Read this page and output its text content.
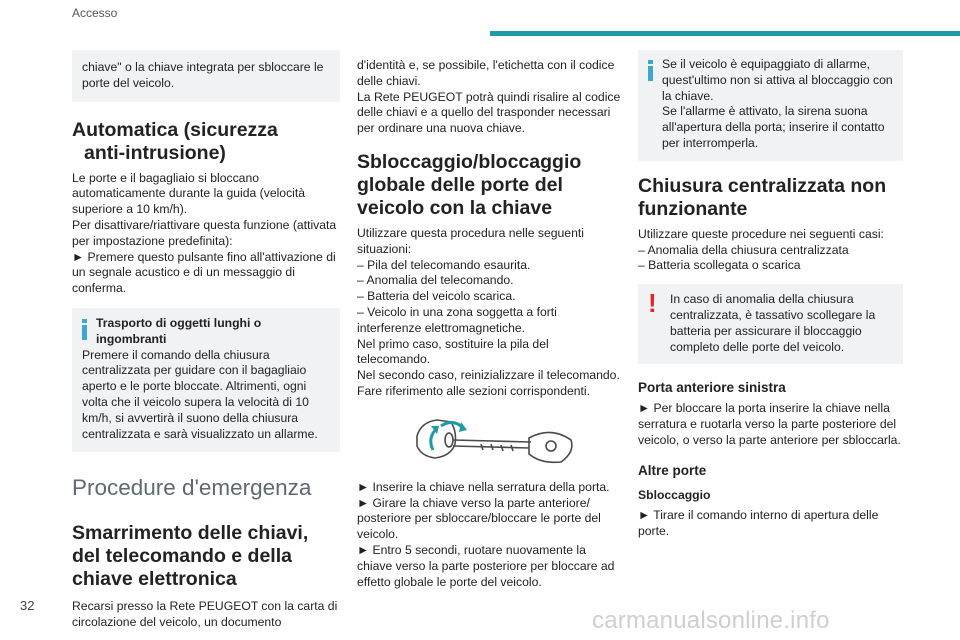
Accesso

chiave" o la chiave integrata per sbloccare le porte del veicolo.

Automatica (sicurezza
anti-intrusione)

Le porte e il bagagliaio si bloccano automaticamente durante la guida (velocità superiore a 10 km/h).
Per disattivare/riattivare questa funzione (attivata per impostazione predefinita):
► Premere questo pulsante fino all'attivazione di un segnale acustico e di un messaggio di conferma.

Trasporto di oggetti lunghi o

ingombranti

Premere il comando della chiusura centralizzata per guidare con il bagagliaio aperto e le porte bloccate. Altrimenti, ogni volta che il veicolo supera la velocità di 10 km/h, si avvertirà il suono della chiusura centralizzata e sarà visualizzato un allarme.

Procedure d'emergenza
Smarrimento delle chiavi, del telecomando e della chiave elettronica

Recarsi presso la Rete PEUGEOT con la carta di circolazione del veicolo, un documento

d'identità e, se possibile, l'etichetta con il codice delle chiavi.
La Rete PEUGEOT potrà quindi risalire al codice delle chiavi e a quello del trasponder necessari per ordinare una nuova chiave.

Sbloccaggio/bloccaggio globale delle porte del veicolo con la chiave

Utilizzare questa procedura nelle seguenti situazioni:

– Pila del telecomando esaurita.

– Anomalia del telecomando.

– Batteria del veicolo scarica.

– Veicolo in una zona soggetta a forti interferenze elettromagnetiche.

Nel primo caso, sostituire la pila del telecomando.
Nel secondo caso, reinizializzare il telecomando.
Fare riferimento alle sezioni corrispondenti.

► Inserire la chiave nella serratura della porta.

► Girare la chiave verso la parte anteriore/ posteriore per sbloccare/bloccare le porte del veicolo.

► Entro 5 secondi, ruotare nuovamente la chiave verso la parte posteriore per bloccare ad effetto globale le porte del veicolo.

Se il veicolo è equipaggiato di allarme, quest'ultimo non si attiva al bloccaggio con la chiave.
Se l'allarme è attivato, la sirena suona all'apertura della porta; inserire il contatto per interromperla.

Chiusura centralizzata non funzionante

Utilizzare queste procedure nei seguenti casi:

– Anomalia della chiusura centralizzata

– Batteria scollegata o scarica

!	In caso di anomalia della chiusura centralizzata, è tassativo scollegare la batteria per assicurare il bloccaggio completo delle porte del veicolo.

Porta anteriore sinistra

► Per bloccare la porta inserire la chiave nella serratura e ruotarla verso la parte posteriore del veicolo, o verso la parte anteriore per sbloccarla.

Altre porte
Sbloccaggio

► Tirare il comando interno di apertura delle porte.

32
carmanualsonline.info
